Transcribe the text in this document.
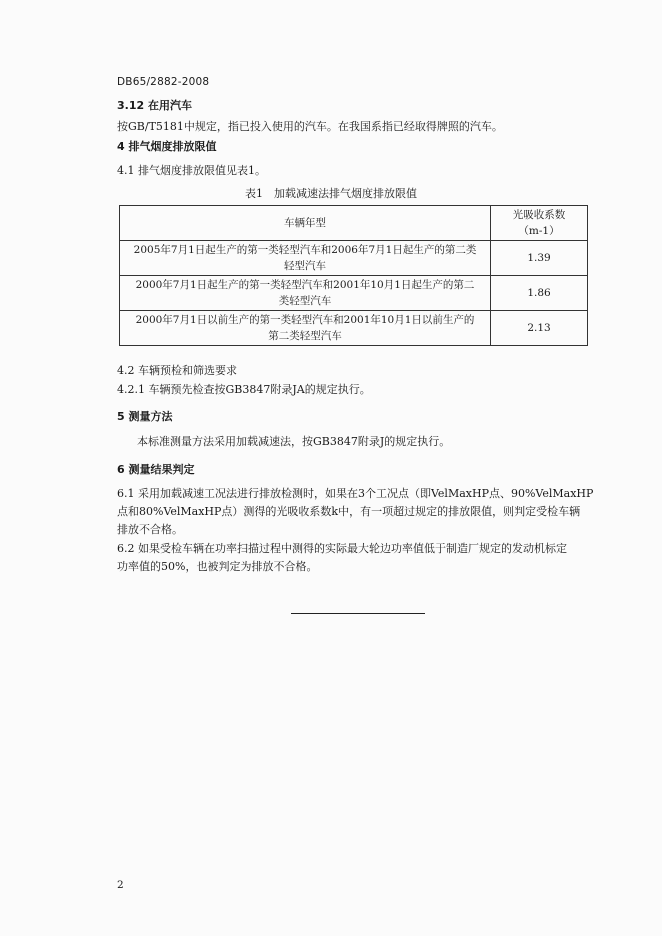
DB65/2882-2008
3.12 在用汽车
按GB/T5181中规定，指已投入使用的汽车。在我国系指已经取得牌照的汽车。
4 排气烟度排放限值
4.1 排气烟度排放限值见表1。
表1　加载减速法排气烟度排放限值
车辆年型	光吸收系数
（m-1）

2005年7月1日起生产的第一类轻型汽车和2006年7月1日起生产的第二类
轻型汽车	1.39

2000年7月1日起生产的第一类轻型汽车和2001年10月1日起生产的第二
类轻型汽车	1.86

2000年7月1日以前生产的第一类轻型汽车和2001年10月1日以前生产的
第二类轻型汽车	2.13
4.2 车辆预检和筛选要求
4.2.1 车辆预先检查按GB3847附录JA的规定执行。
5 测量方法
本标准测量方法采用加载减速法，按GB3847附录J的规定执行。
6 测量结果判定
6.1 采用加载减速工况法进行排放检测时，如果在3个工况点（即VelMaxHP点、90%VelMaxHP
点和80%VelMaxHP点）测得的光吸收系数k中，有一项超过规定的排放限值，则判定受检车辆
排放不合格。
6.2 如果受检车辆在功率扫描过程中测得的实际最大轮边功率值低于制造厂规定的发动机标定
功率值的50%，也被判定为排放不合格。
2
